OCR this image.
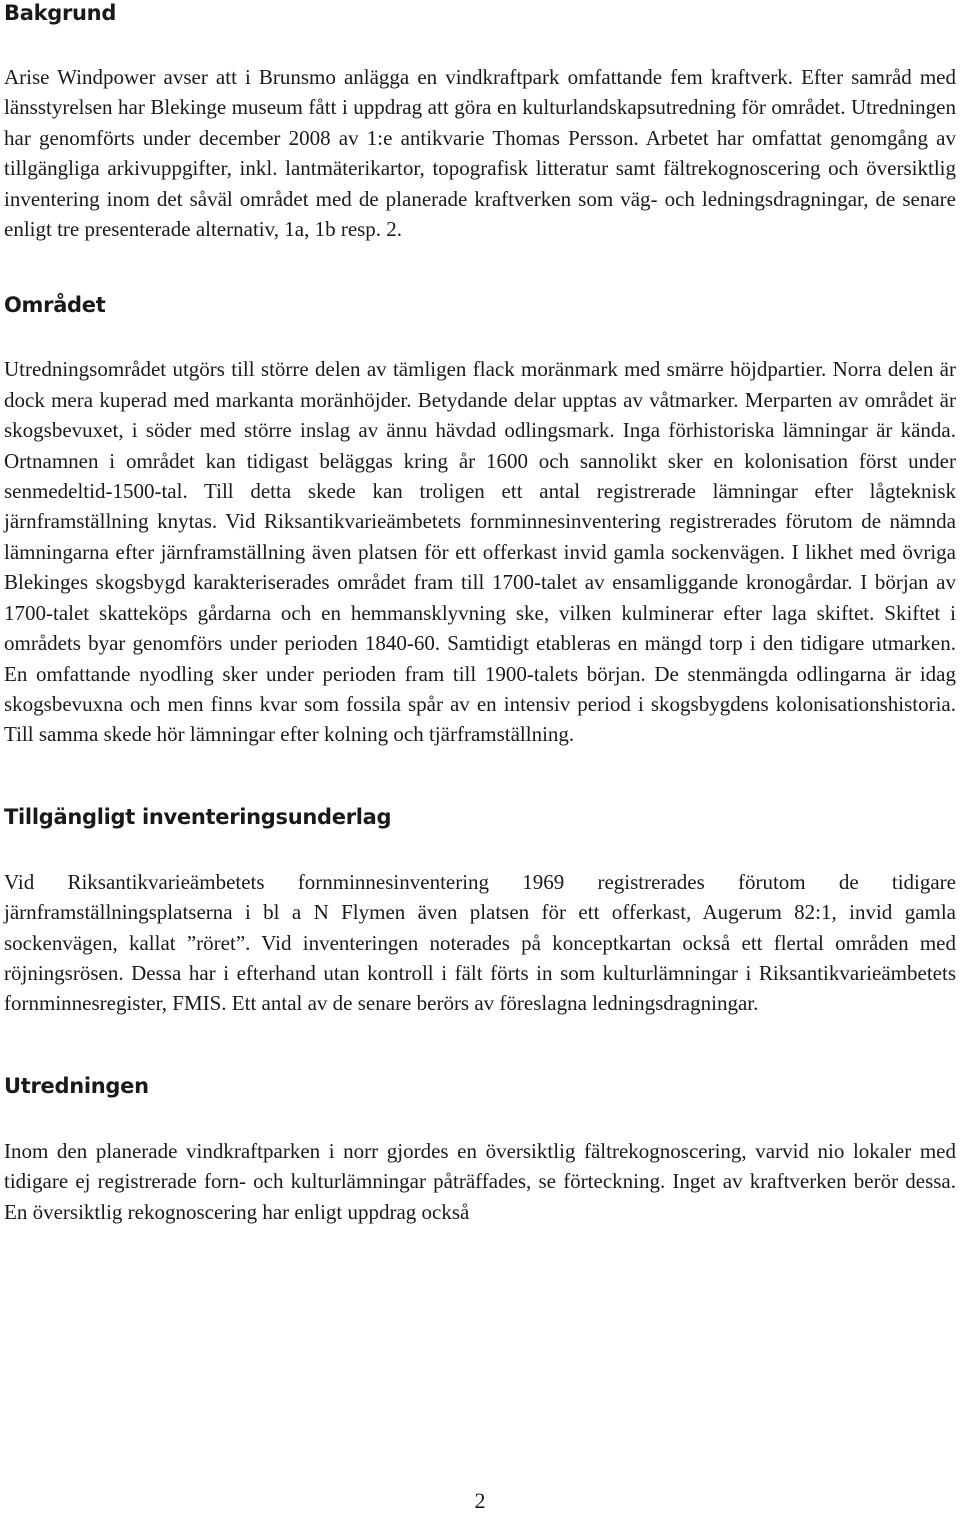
Bakgrund

Arise Windpower avser att i Brunsmo anlägga en vindkraftpark omfattande fem kraftverk. Efter samråd med länsstyrelsen har Blekinge museum fått i uppdrag att göra en kulturlandskapsutredning för området. Utredningen har genomförts under december 2008 av 1:e antikvarie Thomas Persson. Arbetet har omfattat genomgång av tillgängliga arkivuppgifter, inkl. lantmäterikartor, topografisk litteratur samt fältrekognoscering och översiktlig inventering inom det såväl området med de planerade kraftverken som väg- och ledningsdragningar, de senare enligt tre presenterade alternativ, 1a, 1b resp. 2.

Området

Utredningsområdet utgörs till större delen av tämligen flack moränmark med smärre höjdpartier. Norra delen är dock mera kuperad med markanta moränhöjder. Betydande delar upptas av våtmarker. Merparten av området är skogsbevuxet, i söder med större inslag av ännu hävdad odlingsmark. Inga förhistoriska lämningar är kända. Ortnamnen i området kan tidigast beläggas kring år 1600 och sannolikt sker en kolonisation först under senmedeltid-1500-tal. Till detta skede kan troligen ett antal registrerade lämningar efter lågteknisk järnframställning knytas. Vid Riksantikvarieämbetets fornminnesinventering registrerades förutom de nämnda lämningarna efter järnframställning även platsen för ett offerkast invid gamla sockenvägen. I likhet med övriga Blekinges skogsbygd karakteriserades området fram till 1700-talet av ensamliggande kronogårdar. I början av 1700-talet skatteköps gårdarna och en hemmansklyvning ske, vilken kulminerar efter laga skiftet. Skiftet i områdets byar genomförs under perioden 1840-60. Samtidigt etableras en mängd torp i den tidigare utmarken. En omfattande nyodling sker under perioden fram till 1900-talets början. De stenmängda odlingarna är idag skogsbevuxna och men finns kvar som fossila spår av en intensiv period i skogsbygdens kolonisationshistoria. Till samma skede hör lämningar efter kolning och tjärframställning.

Tillgängligt inventeringsunderlag

Vid Riksantikvarieämbetets fornminnesinventering 1969 registrerades förutom de tidigare järnframställningsplatserna i bl a N Flymen även platsen för ett offerkast, Augerum 82:1, invid gamla sockenvägen, kallat ”röret”. Vid inventeringen noterades på konceptkartan också ett flertal områden med röjningsrösen. Dessa har i efterhand utan kontroll i fält förts in som kulturlämningar i Riksantikvarieämbetets fornminnesregister, FMIS. Ett antal av de senare berörs av föreslagna ledningsdragningar.

Utredningen

Inom den planerade vindkraftparken i norr gjordes en översiktlig fältrekognoscering, varvid nio lokaler med tidigare ej registrerade forn- och kulturlämningar påträffades, se förteckning. Inget av kraftverken berör dessa. En översiktlig rekognoscering har enligt uppdrag också

2
